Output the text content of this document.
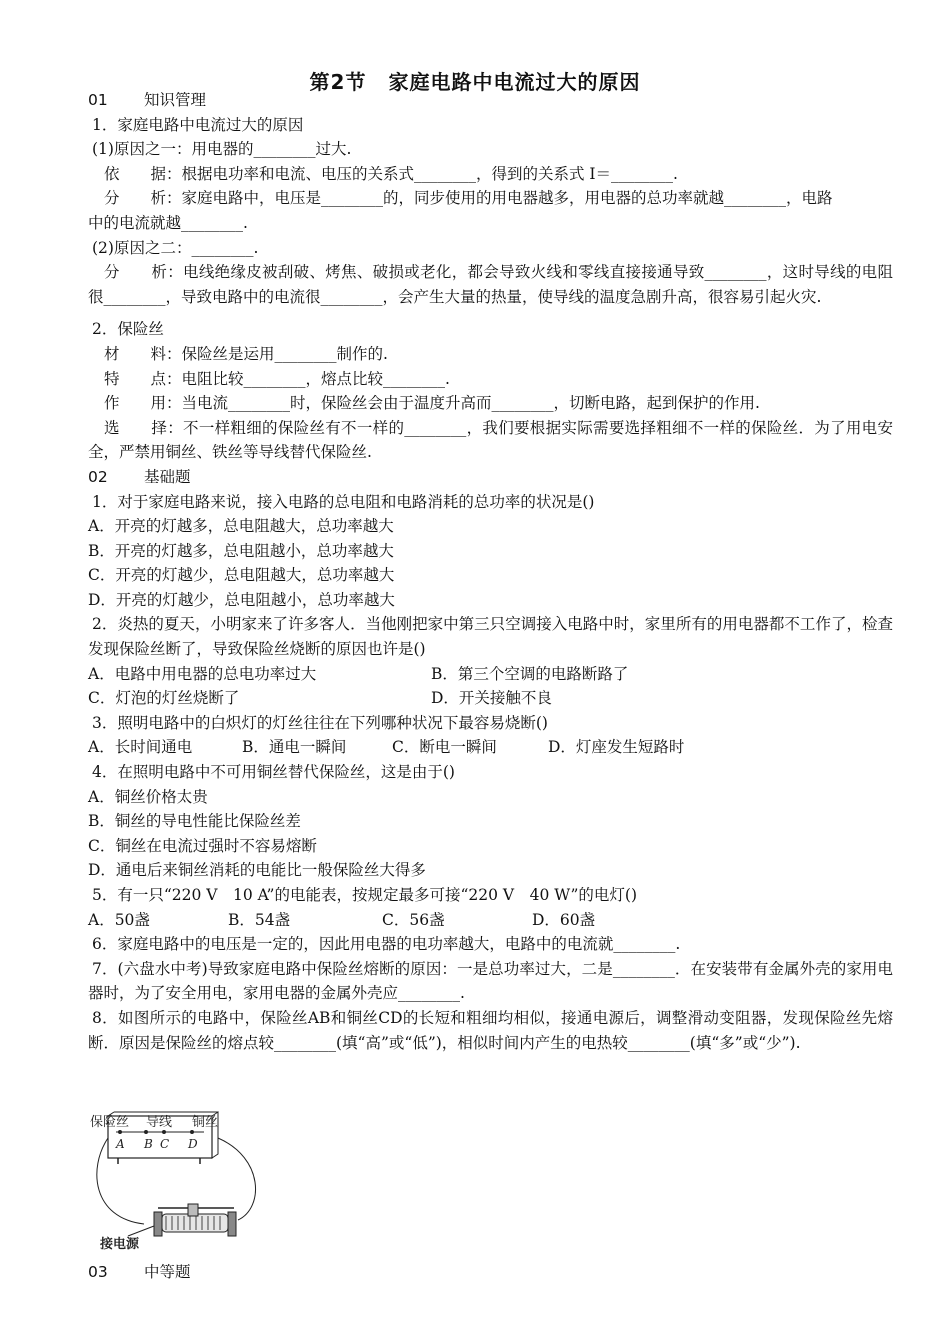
第2节 家庭电路中电流过大的原因
01 知识管理
1．家庭电路中电流过大的原因
(1)原因之一：用电器的________过大.
依　　据：根据电功率和电流、电压的关系式________，得到的关系式 I＝________.
分　　析：家庭电路中，电压是________的，同步使用的用电器越多，用电器的总功率就越________，电路
中的电流就越________.
(2)原因之二：________.
分　　析：电线绝缘皮被刮破、烤焦、破损或老化，都会导致火线和零线直接接通导致________，这时导线的电阻很________，导致电路中的电流很________，会产生大量的热量，使导线的温度急剧升高，很容易引起火灾.
2．保险丝
材　　料：保险丝是运用________制作的.
特　　点：电阻比较________，熔点比较________.
作　　用：当电流________时，保险丝会由于温度升高而________，切断电路，起到保护的作用.
选　　择：不一样粗细的保险丝有不一样的________，我们要根据实际需要选择粗细不一样的保险丝．为了用电安全，严禁用铜丝、铁丝等导线替代保险丝.
02 基础题
1．对于家庭电路来说，接入电路的总电阻和电路消耗的总功率的状况是()
A．开亮的灯越多，总电阻越大，总功率越大
B．开亮的灯越多，总电阻越小，总功率越大
C．开亮的灯越少，总电阻越大，总功率越大
D．开亮的灯越少，总电阻越小，总功率越大
2．炎热的夏天，小明家来了许多客人．当他刚把家中第三只空调接入电路中时，家里所有的用电器都不工作了，检查发现保险丝断了，导致保险丝烧断的原因也许是()
A．电路中用电器的总电功率过大	B．第三个空调的电路断路了
C．灯泡的灯丝烧断了	D．开关接触不良
3．照明电路中的白炽灯的灯丝往往在下列哪种状况下最容易烧断()
A．长时间通电	B．通电一瞬间	C．断电一瞬间	D．灯座发生短路时
4．在照明电路中不可用铜丝替代保险丝，这是由于()
A．铜丝价格太贵
B．铜丝的导电性能比保险丝差
C．铜丝在电流过强时不容易熔断
D．通电后来铜丝消耗的电能比一般保险丝大得多
5．有一只“220 V　10 A”的电能表，按规定最多可接“220 V　40 W”的电灯()
A．50盏	B．54盏	C．56盏	D．60盏
6．家庭电路中的电压是一定的，因此用电器的电功率越大，电路中的电流就________.
7．(六盘水中考)导致家庭电路中保险丝熔断的原因：一是总功率过大，二是________．在安装带有金属外壳的家用电器时，为了安全用电，家用电器的金属外壳应________.
8．如图所示的电路中，保险丝AB和铜丝CD的长短和粗细均相似，接通电源后，调整滑动变阻器，发现保险丝先熔断．原因是保险丝的熔点较________(填“高”或“低”)，相似时间内产生的电热较________(填“多”或“少”).
保险丝 导线 铜丝
A B C D
接电源
03 中等题
